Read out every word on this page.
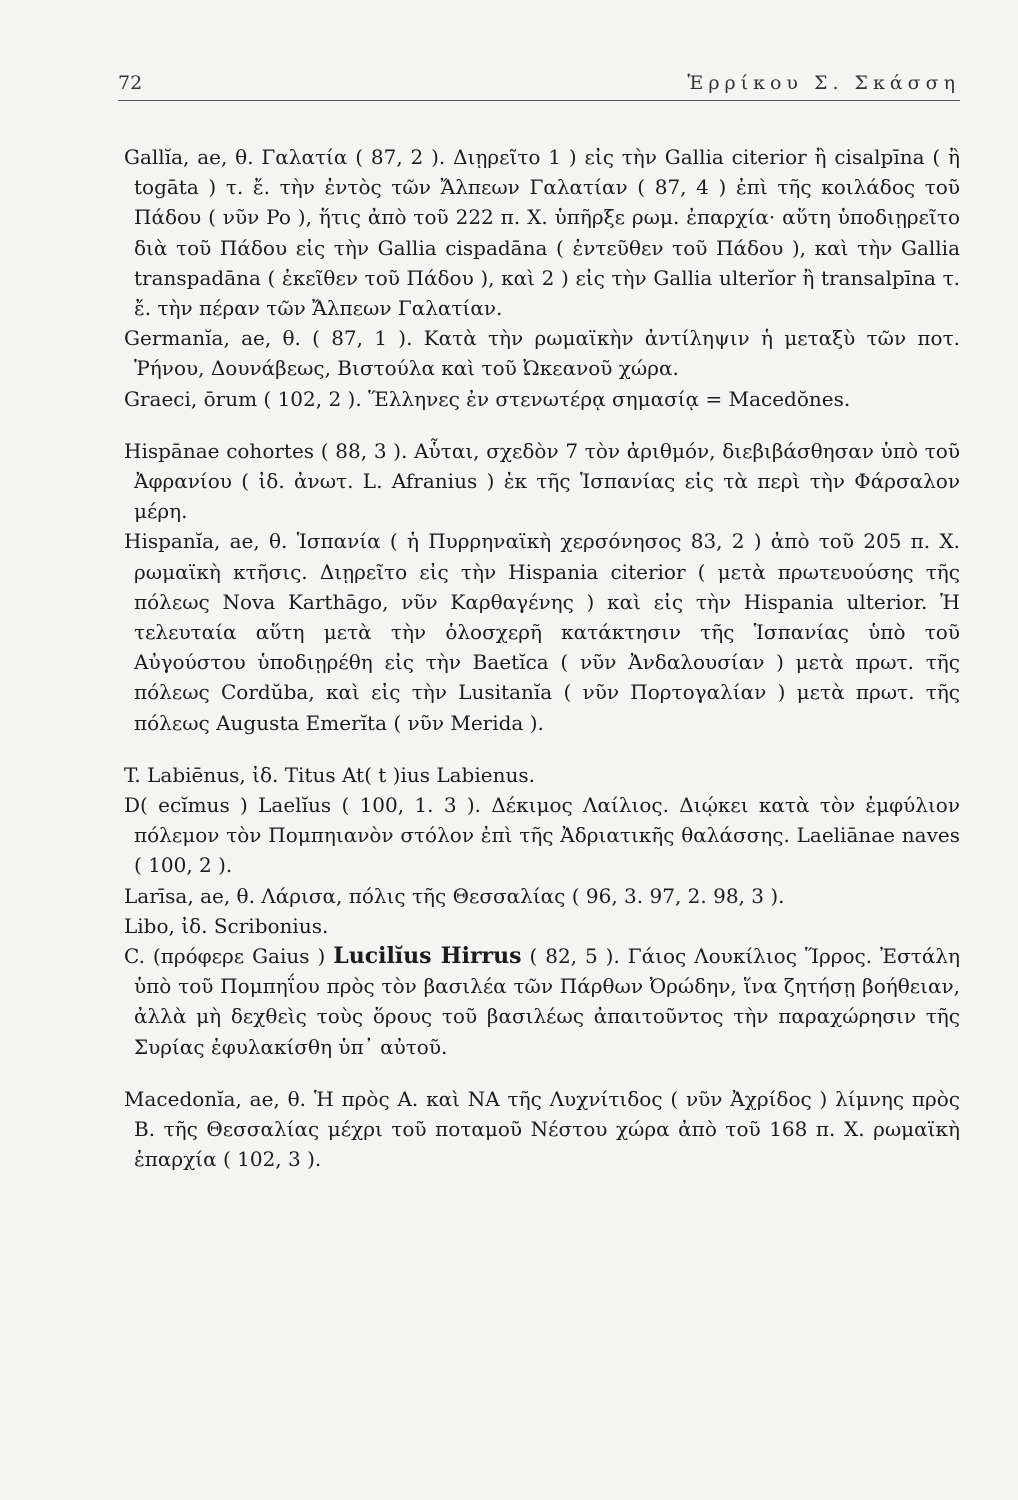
72	Ἑρρίκου Σ. Σκάσση

Gallĭa, ae, θ. Γαλατία ( 87, 2 ). Διῃρεῖτο 1 ) εἰς τὴν Gallia citerior ἢ cisalpīna ( ἢ togāta ) τ. ἔ. τὴν ἐντὸς τῶν Ἄλπεων Γαλατίαν ( 87, 4 ) ἐπὶ τῆς κοιλάδος τοῦ Πάδου ( νῦν Po ), ἥτις ἀπὸ τοῦ 222 π. Χ. ὑπῆρξε ρωμ. ἐπαρχία· αὕτη ὑποδιῃρεῖτο διὰ τοῦ Πάδου εἰς τὴν Gallia cispadāna ( ἐντεῦθεν τοῦ Πάδου ), καὶ τὴν Gallia transpadāna ( ἐκεῖθεν τοῦ Πάδου ), καὶ 2 ) εἰς τὴν Gallia ulterĭor ἢ transalpīna τ. ἔ. τὴν πέραν τῶν Ἄλπεων Γαλατίαν.

Germanĭa, ae, θ. ( 87, 1 ). Κατὰ τὴν ρωμαϊκὴν ἀντίληψιν ἡ μεταξὺ τῶν ποτ. Ῥήνου, Δουνάβεως, Βιστούλα καὶ τοῦ Ὠκεανοῦ χώρα.

Graeci, ōrum ( 102, 2 ). Ἕλληνες ἐν στενωτέρᾳ σημασίᾳ = Macedŏnes.

Hispānae cohortes ( 88, 3 ). Αὗται, σχεδὸν 7 τὸν ἀριθμόν, διεβιβάσθησαν ὑπὸ τοῦ Ἀφρανίου ( ἰδ. ἀνωτ. L. Afranius ) ἐκ τῆς Ἱσπανίας εἰς τὰ περὶ τὴν Φάρσαλον μέρη.

Hispanĭa, ae, θ. Ἱσπανία ( ἡ Πυρρηναϊκὴ χερσόνησος 83, 2 ) ἀπὸ τοῦ 205 π. Χ. ρωμαϊκὴ κτῆσις. Διῃρεῖτο εἰς τὴν Hispania citerior ( μετὰ πρωτευούσης τῆς πόλεως Nova Karthāgo, νῦν Καρθαγένης ) καὶ εἰς τὴν Hispania ulterior. Ἡ τελευταία αὕτη μετὰ τὴν ὁλοσχερῆ κατάκτησιν τῆς Ἱσπανίας ὑπὸ τοῦ Αὐγούστου ὑποδιῃρέθη εἰς τὴν Baetĭca ( νῦν Ἀνδαλουσίαν ) μετὰ πρωτ. τῆς πόλεως Cordŭba, καὶ εἰς τὴν Lusitanĭa ( νῦν Πορτογαλίαν ) μετὰ πρωτ. τῆς πόλεως Augusta Emerĭta ( νῦν Merida ).

T. Labiēnus, ἰδ. Titus At( t )ius Labienus.

D( ecĭmus ) Laelĭus ( 100, 1. 3 ). Δέκιμος Λαίλιος. Διῴκει κατὰ τὸν ἐμφύλιον πόλεμον τὸν Πομπηιανὸν στόλον ἐπὶ τῆς Ἀδριατικῆς θαλάσσης. Laeliānae naves ( 100, 2 ).

Larīsa, ae, θ. Λάρισα, πόλις τῆς Θεσσαλίας ( 96, 3. 97, 2. 98, 3 ).

Libo, ἰδ. Scribonius.

C. (πρόφερε Gaius ) Lucilĭus Hirrus ( 82, 5 ). Γάιος Λουκίλιος Ἵρρος. Ἐστάλη ὑπὸ τοῦ Πομπηΐου πρὸς τὸν βασιλέα τῶν Πάρθων Ὀρώδην, ἵνα ζητήσῃ βοήθειαν, ἀλλὰ μὴ δεχθεὶς τοὺς ὅρους τοῦ βασιλέως ἀπαιτοῦντος τὴν παραχώρησιν τῆς Συρίας ἐφυλακίσθη ὑπ᾽ αὐτοῦ.

Macedonĭa, ae, θ. Ἡ πρὸς Α. καὶ ΝΑ τῆς Λυχνίτιδος ( νῦν Ἀχρίδος ) λίμνης πρὸς Β. τῆς Θεσσαλίας μέχρι τοῦ ποταμοῦ Νέστου χώρα ἀπὸ τοῦ 168 π. Χ. ρωμαϊκὴ ἐπαρχία ( 102, 3 ).
